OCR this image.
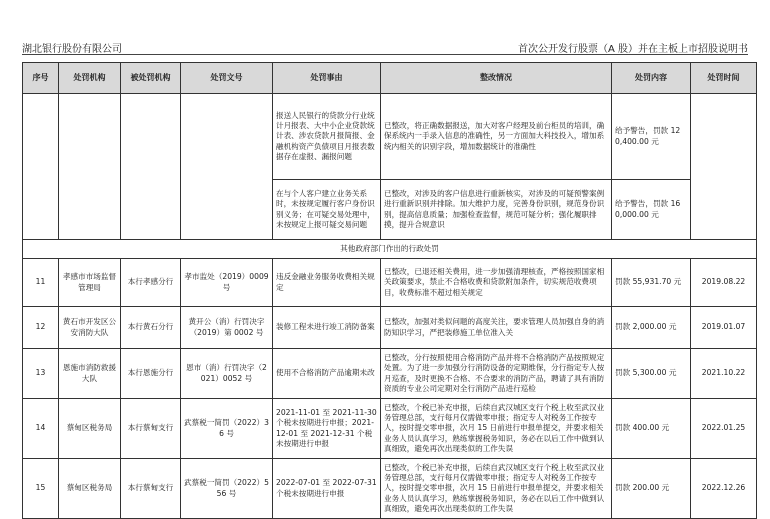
湖北银行股份有限公司	首次公开发行股票（A 股）并在主板上市招股说明书
序号	处罚机构	被处罚机构	处罚文号	处罚事由	整改情况	处罚内容	处罚时间
				报送人民银行的贷款分行业统计月报表、大中小企业贷款统计表、涉农贷款月报简报、金融机构资产负债项目月报表数据存在虚报、漏报问题	已整改，将正确数据报送，加大对客户经理及前台柜员的培训，确保系统内一手录入信息的准确性，另一方面加大科技投入，增加系统内相关的识别字段，增加数据统计的准确性	给予警告，罚款 120,400.00 元	
				在与个人客户建立业务关系时，未按规定履行客户身份识别义务；在可疑交易处理中，未按规定上报可疑交易问题	已整改，对涉及的客户信息进行重新核实，对涉及的可疑预警案例进行重新识别并排除。加大维护力度，完善身份识别，规范身份识别，提高信息质量；加强检查监督，规范可疑分析；强化履职排摸，提升合规意识	给予警告，罚款 160,000.00 元	
其他政府部门作出的行政处罚							
11	孝感市市场监督管理局	本行孝感分行	孝市监处（2019）0009 号	违反金融业务服务收费相关规定	已整改，已退还相关费用，进一步加强清理核查，严格按照国家相关政策要求，禁止不合格收费和贷款附加条件，切实规范收费项目，收费标准不超过相关规定	罚款 55,931.70 元	2019.08.22
12	黄石市开发区公安消防大队	本行黄石分行	黄开公（消）行罚决字（2019）第 0002 号	装修工程未进行竣工消防备案	已整改，加强对类似问题的高度关注，要求管理人员加强自身的消防知识学习，严把装修施工单位准入关	罚款 2,000.00 元	2019.01.07
13	恩施市消防救援大队	本行恩施分行	恩市（消）行罚决字（2021）0052 号	使用不合格消防产品逾期未改	已整改，分行按照使用合格消防产品并将不合格消防产品按照规定处置。为了进一步加强分行消防设备的定期维保，分行指定专人按月巡查，及时更换不合格、不合要求的消防产品，聘请了具有消防资质的专业公司定期对全行消防产品进行巡检	罚款 5,300.00 元	2021.10.22
14	蔡甸区税务局	本行蔡甸支行	武蔡税一简罚（2022）36 号	2021-11-01 至 2021-11-30 个税未按期进行申报；2021-12-01 至 2021-12-31 个税未按期进行申报	已整改，个税已补充申报，后续自武汉城区支行个税上收至武汉业务管理总部，支行每月仅需做零申报；指定专人对税务工作按专人，按时提交零申报，次月 15 日前进行申报单提交，并要求相关业务人员认真学习，熟练掌握税务知识，务必在以后工作中做到认真细致，避免再次出现类似的工作失误	罚款 400.00 元	2022.01.25
15	蔡甸区税务局	本行蔡甸支行	武蔡税一简罚（2022）556 号	2022-07-01 至 2022-07-31 个税未按期进行申报	已整改，个税已补充申报，后续自武汉城区支行个税上收至武汉业务管理总部，支行每月仅需做零申报；指定专人对税务工作按专人，按时提交零申报，次月 15 日前进行申报单提交，并要求相关业务人员认真学习，熟练掌握税务知识，务必在以后工作中做到认真细致，避免再次出现类似的工作失误	罚款 200.00 元	2022.12.26
